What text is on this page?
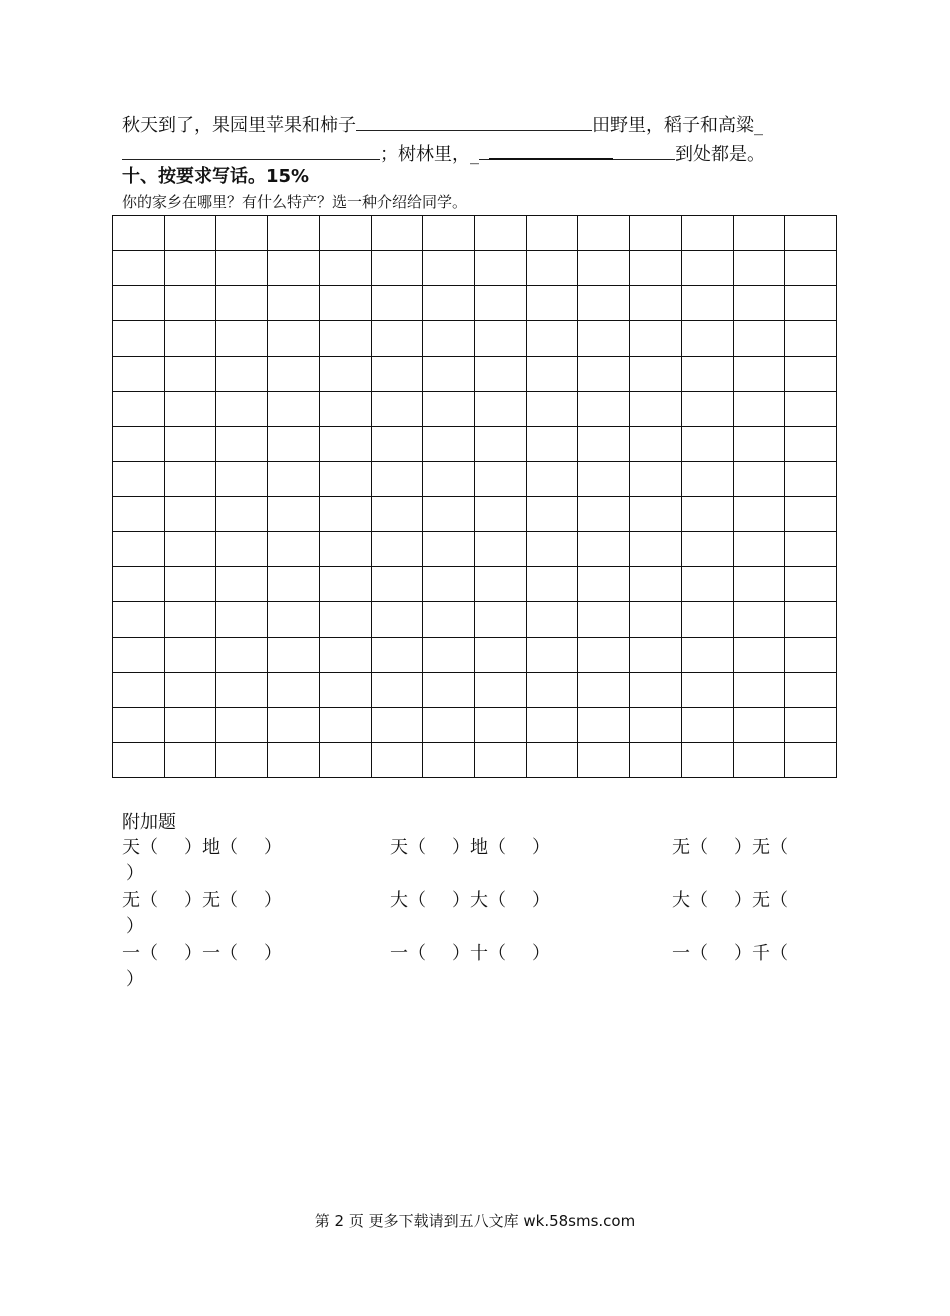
秋天到了，果园里苹果和柿子	田野里，稻子和高粱_
；树林里，_	到处都是。
十、按要求写话。15%
你的家乡在哪里？有什么特产？选一种介绍给同学。
附加题
天（ ）地（ ）	天（ ）地（ ）	无（ ）无（
）
无（ ）无（ ）	大（ ）大（ ）	大（ ）无（
）
一（ ）一（ ）	一（ ）十（ ）	一（ ）千（
）
第 2 页 更多下载请到五八文库 wk.58sms.com
